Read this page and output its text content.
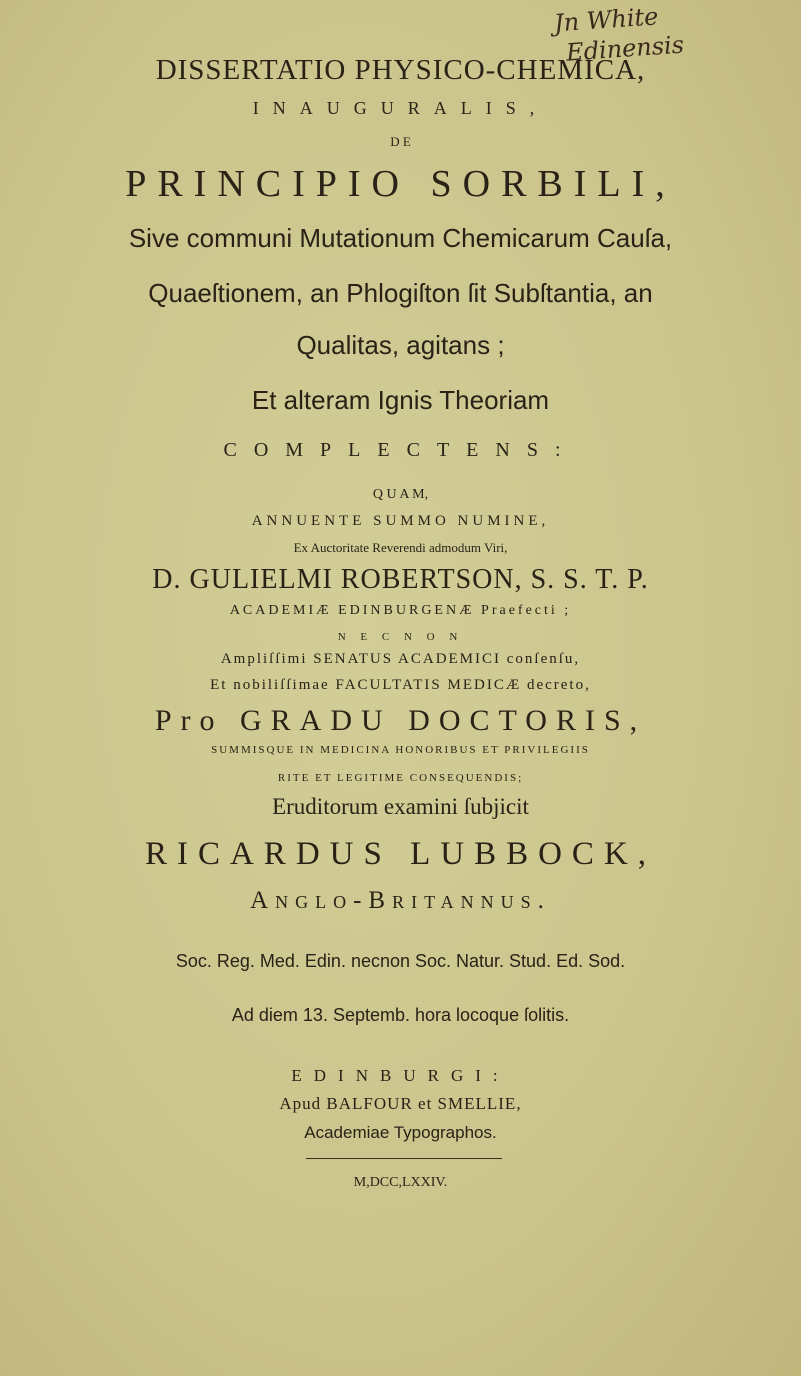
Jn White
Edinensis
DISSERTATIO PHYSICO-CHEMICA,
INAUGURALIS,
D E
PRINCIPIO SORBILI,
Sive communi Mutationum Chemicarum Cauſa,
Quaeſtionem, an Phlogiſton ſit Subſtantia, an
Qualitas, agitans ;
Et alteram Ignis Theoriam
COMPLECTENS:
Q U A M,
ANNUENTE SUMMO NUMINE,
Ex Auctoritate Reverendi admodum Viri,
D. GULIELMI ROBERTSON, S. S. T. P.
ACADEMIÆ EDINBURGENÆ Praefecti ;
N E C N O N
Ampliſſimi SENATUS ACADEMICI conſenſu,
Et nobiliſſimae FACULTATIS MEDICÆ decreto,
Pro GRADU DOCTORIS,
SUMMISQUE IN MEDICINA HONORIBUS ET PRIVILEGIIS
RITE ET LEGITIME CONSEQUENDIS;
Eruditorum examini ſubjicit
RICARDUS LUBBOCK,
Anglo-Britannus.
Soc. Reg. Med. Edin. necnon Soc. Natur. Stud. Ed. Sod.
Ad diem 13. Septemb. hora locoque ſolitis.
EDINBURGI:
Apud BALFOUR et SMELLIE,
Academiae Typographos.
M,DCC,LXXIV.
